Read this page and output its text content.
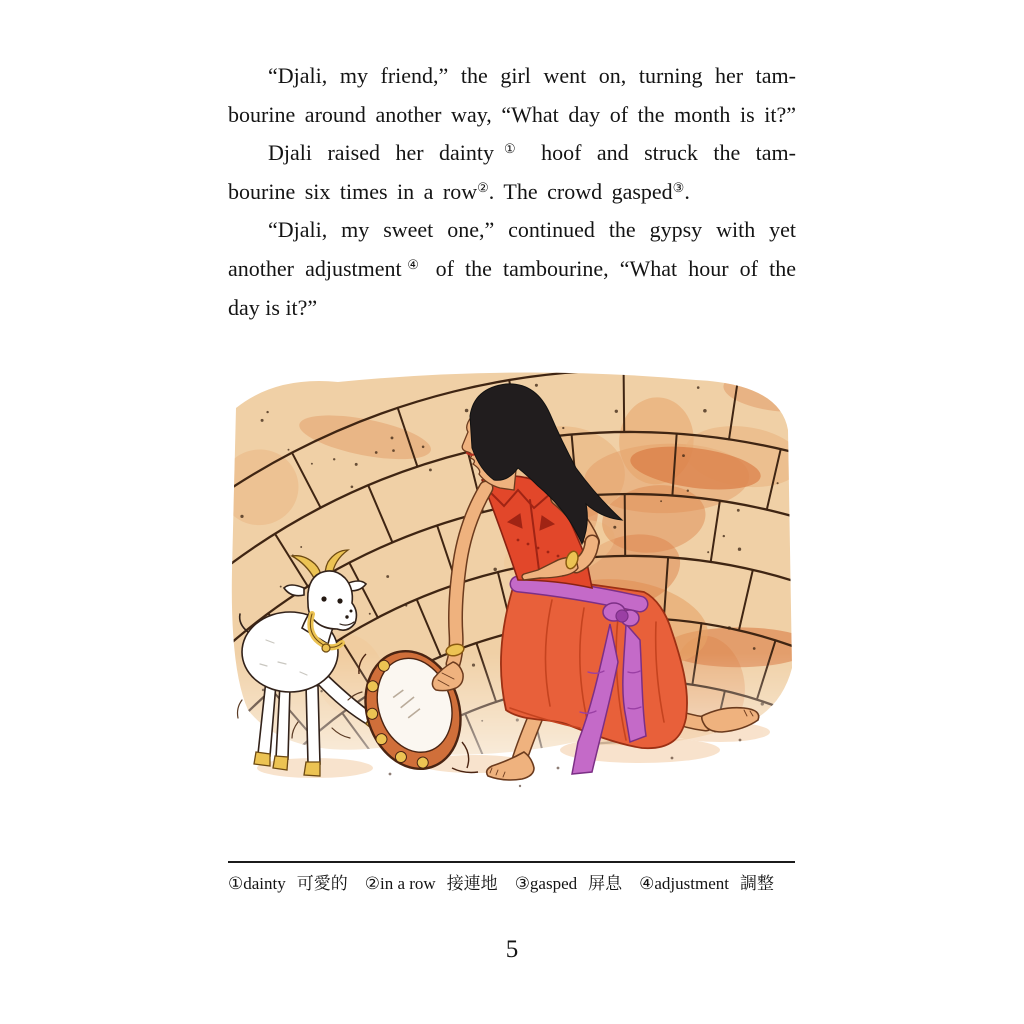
“Djali, my friend,” the girl went on, turning her tam-
bourine around another way, “What day of the month is it?”
Djali raised her dainty① hoof and struck the tam-
bourine six times in a row②. The crowd gasped③.
“Djali, my sweet one,” continued the gypsy with yet
another adjustment④ of the tambourine, “What hour of the
day is it?”
①dainty 可愛的 ②in a row 接連地 ③gasped 屏息 ④adjustment 調整
5
